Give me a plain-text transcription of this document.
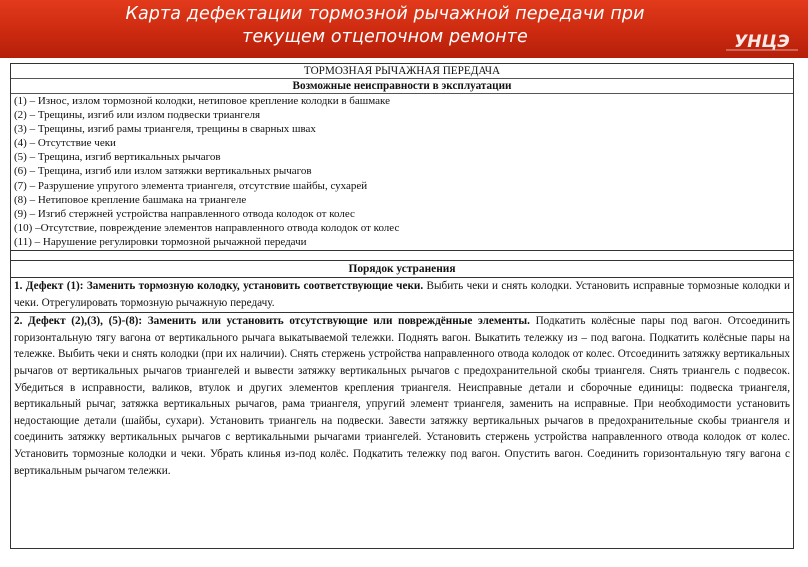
Карта дефектации тормозной рычажной передачи при
текущем отцепочном ремонте	УНЦЭ
ТОРМОЗНАЯ РЫЧАЖНАЯ ПЕРЕДАЧА
Возможные неисправности в эксплуатации
(1) – Износ, излом тормозной колодки, нетиповое крепление колодки в башмаке
(2) – Трещины, изгиб или излом подвески триангеля
(3) – Трещины, изгиб рамы триангеля, трещины в сварных швах
(4) – Отсутствие чеки
(5) – Трещина, изгиб вертикальных рычагов
(6) – Трещина, изгиб или излом затяжки вертикальных рычагов
(7) – Разрушение упругого элемента триангеля, отсутствие шайбы, сухарей
(8) – Нетиповое крепление башмака на триангеле
(9) – Изгиб стержней устройства направленного отвода колодок от колес
(10) –Отсутствие, повреждение элементов направленного отвода колодок от колес
(11) – Нарушение регулировки тормозной рычажной передачи
Порядок устранения
1. Дефект (1): Заменить тормозную колодку, установить соответствующие чеки. Выбить чеки и снять колодки. Установить исправные тормозные колодки и чеки. Отрегулировать тормозную рычажную передачу.
2. Дефект (2),(3), (5)-(8): Заменить или установить отсутствующие или повреждённые элементы. Подкатить колёсные пары под вагон. Отсоединить горизонтальную тягу вагона от вертикального рычага выкатываемой тележки. Поднять вагон. Выкатить тележку из – под вагона. Подкатить колёсные пары на тележке. Выбить чеки и снять колодки (при их наличии). Снять стержень устройства направленного отвода колодок от колес. Отсоединить затяжку вертикальных рычагов от вертикальных рычагов триангелей и вывести затяжку вертикальных рычагов с предохранительной скобы триангеля. Снять триангель с подвесок. Убедиться в исправности, валиков, втулок и других элементов крепления триангеля. Неисправные детали и сборочные единицы: подвеска триангеля, вертикальный рычаг, затяжка вертикальных рычагов, рама триангеля, упругий элемент триангеля, заменить на исправные. При необходимости установить недостающие детали (шайбы, сухари). Установить триангель на подвески. Завести затяжку вертикальных рычагов в предохранительные скобы триангеля и соединить затяжку вертикальных рычагов с вертикальными рычагами триангелей. Установить стержень устройства направленного отвода колодок от колес. Установить тормозные колодки и чеки. Убрать клинья из-под колёс. Подкатить тележку под вагон. Опустить вагон. Соединить горизонтальную тягу вагона с вертикальным рычагом тележки.
